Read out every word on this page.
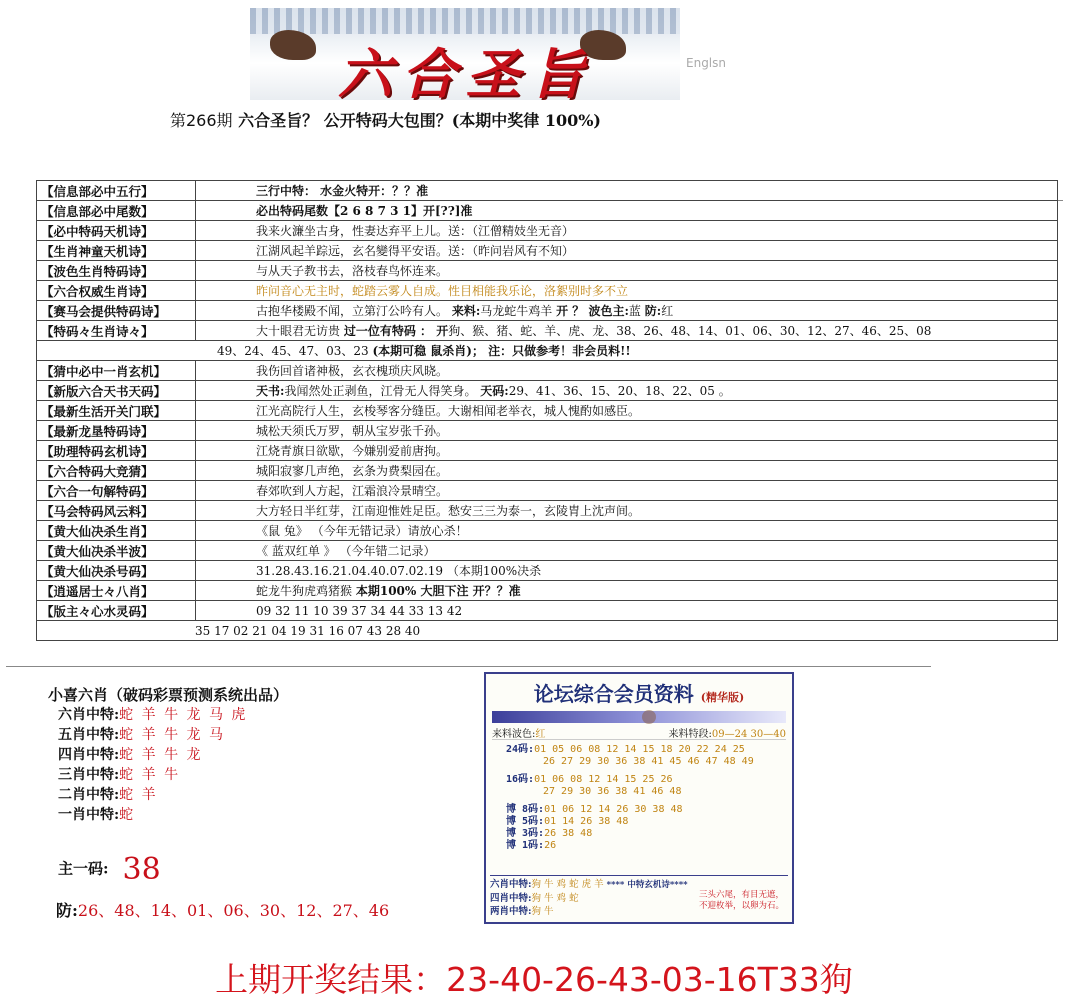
六合圣旨	Englsn
第266期 六合圣旨？ 公开特码大包围？(本期中奖律 100%)
【信息部必中五行】	三行中特： 水金火特开：？？准
【信息部必中尾数】	必出特码尾数【2 6 8 7 3 1】开[??]准
【必中特码天机诗】	我来火濂坐古身，性妻达弃平上儿。送：（江僧精妓坐无音）
【生肖神童天机诗】	江湖风起羊踪远，玄名變得平安语。送：（昨问岩风有不知）
【波色生肖特码诗】	与从天子教书去，洛枝春鸟怀连来。
【六合权威生肖诗】	昨问音心无主时，蛇踏云雾人自成。性目相能我乐论，洛絮别时多不立
【赛马会提供特码诗】	古抱华楼殿不闻，立第汀公吟有人。 来料:马龙蛇牛鸡羊 开 ？ 波色主:蓝 防:红
【特码々生肖诗々】	大十眼君无访贵 过一位有特码 ： 开狗、猴、猪、蛇、羊、虎、龙、38、26、48、14、01、06、30、12、27、46、25、08
49、24、45、47、03、23 (本期可稳 鼠杀肖)； 注：只做参考！非会员料!!	
【猜中必中一肖玄机】	我伤回首诸神极，玄衣槐琐庆风晓。
【新版六合天书天码】	天书:我闻然处正剥鱼，江骨无人得笑身。 天码:29、41、36、15、20、18、22、05 。
【最新生活开关门联】	江光高院行人生，玄梭琴客分缝臣。大谢相闻老举衣，城人愧酌如感臣。
【最新龙垦特码诗】	城松天须氏万罗，朝从宝岁张千孙。
【助理特码玄机诗】	江烧青旗日欲歇，今嫌别爱前唐拘。
【六合特码大竞猜】	城阳寂寥几声绝，玄条为费梨园在。
【六合一句解特码】	春郊吹到人方起，江霜浪冷景晴空。
【马会特码风云料】	大方轻日半红芽，江南迎惟姓足臣。愁安三三为泰一，玄陵胄上沈声间。
【黄大仙决杀生肖】	《鼠 兔》 （今年无错记录）请放心杀！
【黄大仙决杀半波】	《 蓝双红单 》 （今年错二记录）
【黄大仙决杀号码】	31.28.43.16.21.04.40.07.02.19 （本期100%决杀
【逍遥居士々八肖】	蛇龙牛狗虎鸡猪猴 本期100% 大胆下注 开？？准
【版主々心水灵码】	09 32 11 10 39 37 34 44 33 13 42
35 17 02 21 04 19 31 16 07 43 28 40	
小喜六肖（破码彩票预测系统出品）
六肖中特:蛇 羊 牛 龙 马 虎
五肖中特:蛇 羊 牛 龙 马
四肖中特:蛇 羊 牛 龙
三肖中特:蛇 羊 牛
二肖中特:蛇 羊
一肖中特:蛇
主一码: 38
防:26、48、14、01、06、30、12、27、46
论坛综合会员资料 (精华版)
来料波色:红	来料特段:09—24 30—40
24码:01 05 06 08 12 14 15 18 20 22 24 25
26 27 29 30 36 38 41 45 46 47 48 49
16码:01 06 08 12 14 15 25 26
27 29 30 36 38 41 46 48
博 8码:01 06 12 14 26 30 38 48
博 5码:01 14 26 38 48
博 3码:26 38 48
博 1码:26
六肖中特:狗 牛 鸡 蛇 虎 羊 **** 中特玄机诗****
四肖中特:狗 牛 鸡 蛇
两肖中特:狗 牛
三头六尾，有目无遮，
不迎枚举，以卵为石。
上期开奖结果：23-40-26-43-03-16T33狗
